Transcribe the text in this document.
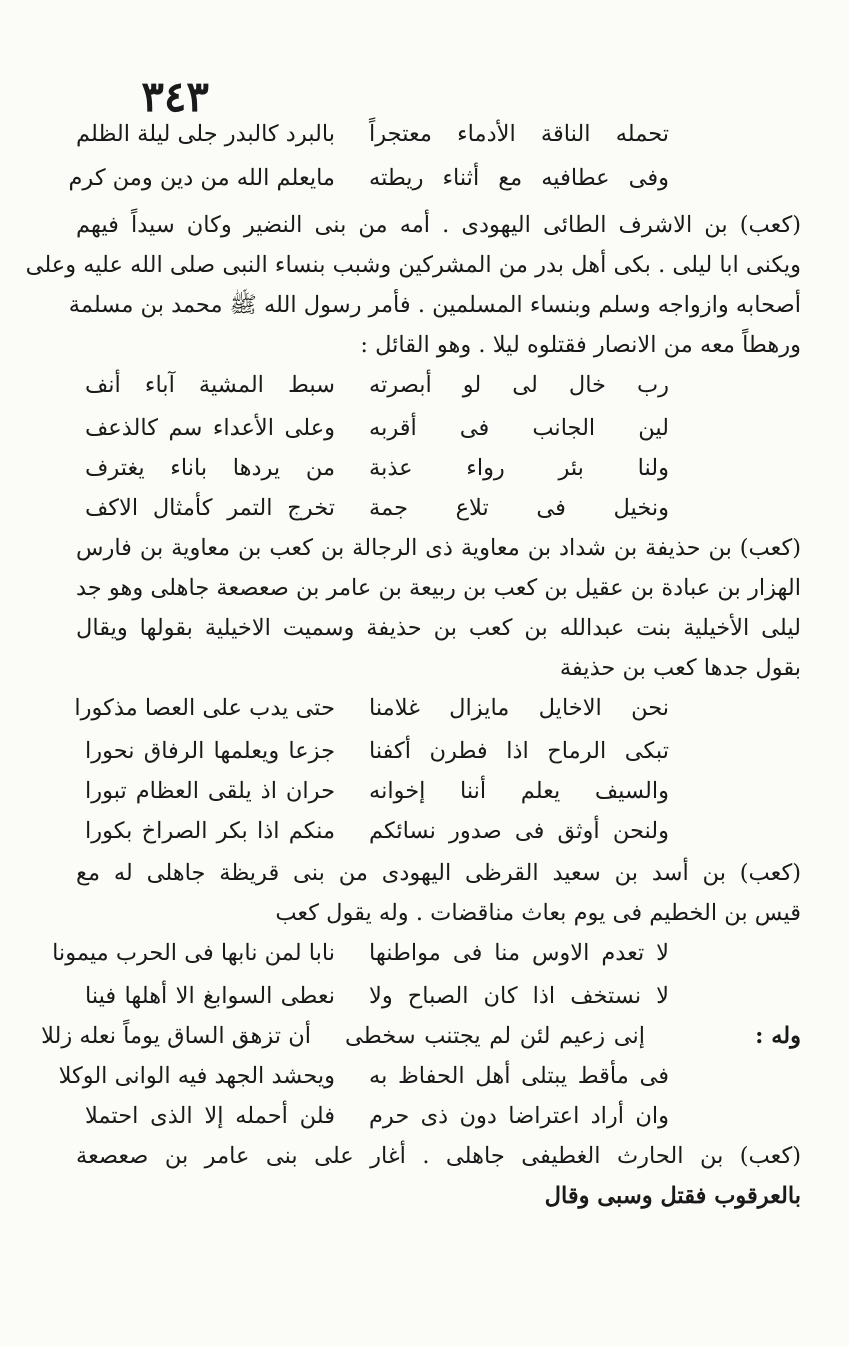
٣٤٣
تحمله الناقة الأدماء معتجراً
بالبرد كالبدر جلى ليلة الظلم
وفى عطافيه مع أثناء ريطته
مايعلم الله من دين ومن كرم
(كعب) بن الاشرف الطائى اليهودى . أمه من بنى النضير وكان سيداً فيهم
ويكنى ابا ليلى . بكى أهل بدر من المشركين وشبب بنساء النبى صلى الله عليه وعلى
أصحابه وازواجه وسلم وبنساء المسلمين . فأمر رسول الله ﷺ محمد بن مسلمة
ورهطاً معه من الانصار فقتلوه ليلا . وهو القائل :
رب خال لى لو أبصرته
سبط المشية آباء أنف
لين الجانب فى أقربه
وعلى الأعداء سم كالذعف
ولنا بئر رواء عذبة
من يردها باناء يغترف
ونخيل فى تلاع جمة
تخرج التمر كأمثال الاكف
(كعب) بن حذيفة بن شداد بن معاوية ذى الرجالة بن كعب بن معاوية بن فارس
الهزار بن عبادة بن عقيل بن كعب بن ربيعة بن عامر بن صعصعة جاهلى وهو جد
ليلى الأخيلية بنت عبدالله بن كعب بن حذيفة وسميت الاخيلية بقولها ويقال
بقول جدها كعب بن حذيفة
نحن الاخايل مايزال غلامنا
حتى يدب على العصا مذكورا
تبكى الرماح اذا فطرن أكفنا
جزعا ويعلمها الرفاق نحورا
والسيف يعلم أننا إخوانه
حران اذ يلقى العظام تبورا
ولنحن أوثق فى صدور نسائكم
منكم اذا بكر الصراخ بكورا
(كعب) بن أسد بن سعيد القرظى اليهودى من بنى قريظة جاهلى له مع
قيس بن الخطيم فى يوم بعاث مناقضات . وله يقول كعب
لا تعدم الاوس منا فى مواطنها
نابا لمن نابها فى الحرب ميمونا
لا نستخف اذا كان الصباح ولا
نعطى السوابغ الا أهلها فينا
وله :
إنى زعيم لئن لم يجتنب سخطى
أن تزهق الساق يوماً نعله زللا
فى مأقط يبتلى أهل الحفاظ به
ويحشد الجهد فيه الوانى الوكلا
وان أراد اعتراضا دون ذى حرم
فلن أحمله إلا الذى احتملا
(كعب) بن الحارث الغطيفى جاهلى . أغار على بنى عامر بن صعصعة
بالعرقوب فقتل وسبى وقال
